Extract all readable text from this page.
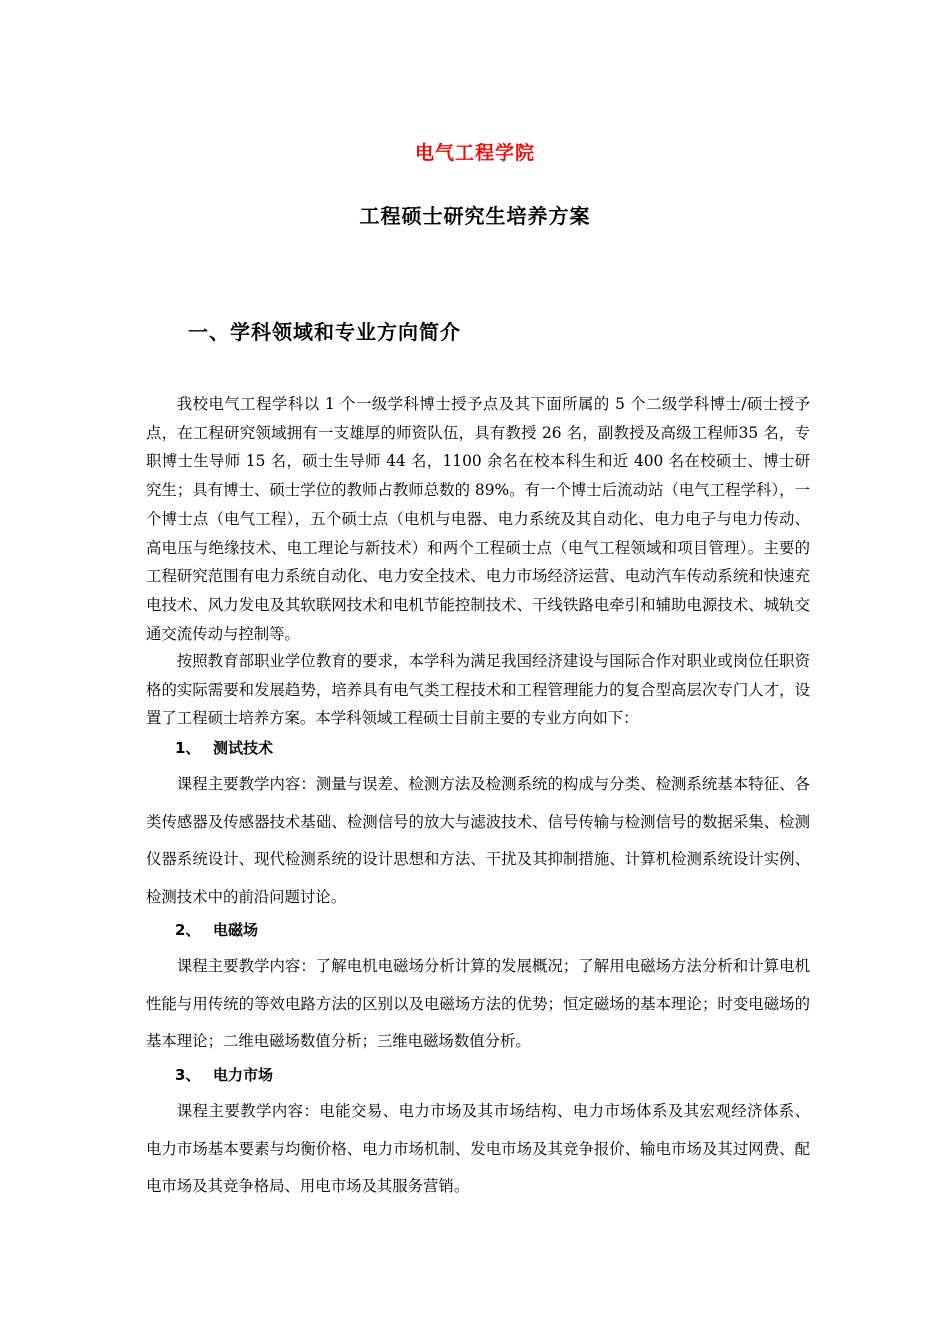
电气工程学院
工程硕士研究生培养方案
一、学科领域和专业方向简介
我校电气工程学科以 1 个一级学科博士授予点及其下面所属的 5 个二级学科博士/硕士授予点，在工程研究领域拥有一支雄厚的师资队伍，具有教授 26 名，副教授及高级工程师35 名，专职博士生导师 15 名，硕士生导师 44 名，1100 余名在校本科生和近 400 名在校硕士、博士研究生；具有博士、硕士学位的教师占教师总数的 89%。有一个博士后流动站（电气工程学科），一个博士点（电气工程），五个硕士点（电机与电器、电力系统及其自动化、电力电子与电力传动、高电压与绝缘技术、电工理论与新技术）和两个工程硕士点（电气工程领域和项目管理）。主要的工程研究范围有电力系统自动化、电力安全技术、电力市场经济运营、电动汽车传动系统和快速充电技术、风力发电及其软联网技术和电机节能控制技术、干线铁路电牵引和辅助电源技术、城轨交通交流传动与控制等。
按照教育部职业学位教育的要求，本学科为满足我国经济建设与国际合作对职业或岗位任职资格的实际需要和发展趋势，培养具有电气类工程技术和工程管理能力的复合型高层次专门人才，设置了工程硕士培养方案。本学科领域工程硕士目前主要的专业方向如下：
1、 测试技术
课程主要教学内容：测量与误差、检测方法及检测系统的构成与分类、检测系统基本特征、各类传感器及传感器技术基础、检测信号的放大与滤波技术、信号传输与检测信号的数据采集、检测仪器系统设计、现代检测系统的设计思想和方法、干扰及其抑制措施、计算机检测系统设计实例、检测技术中的前沿问题讨论。
2、 电磁场
课程主要教学内容：了解电机电磁场分析计算的发展概况；了解用电磁场方法分析和计算电机性能与用传统的等效电路方法的区别以及电磁场方法的优势；恒定磁场的基本理论；时变电磁场的基本理论；二维电磁场数值分析；三维电磁场数值分析。
3、 电力市场
课程主要教学内容：电能交易、电力市场及其市场结构、电力市场体系及其宏观经济体系、 电力市场基本要素与均衡价格、电力市场机制、发电市场及其竞争报价、输电市场及其过网费、配电市场及其竞争格局、用电市场及其服务营销。
